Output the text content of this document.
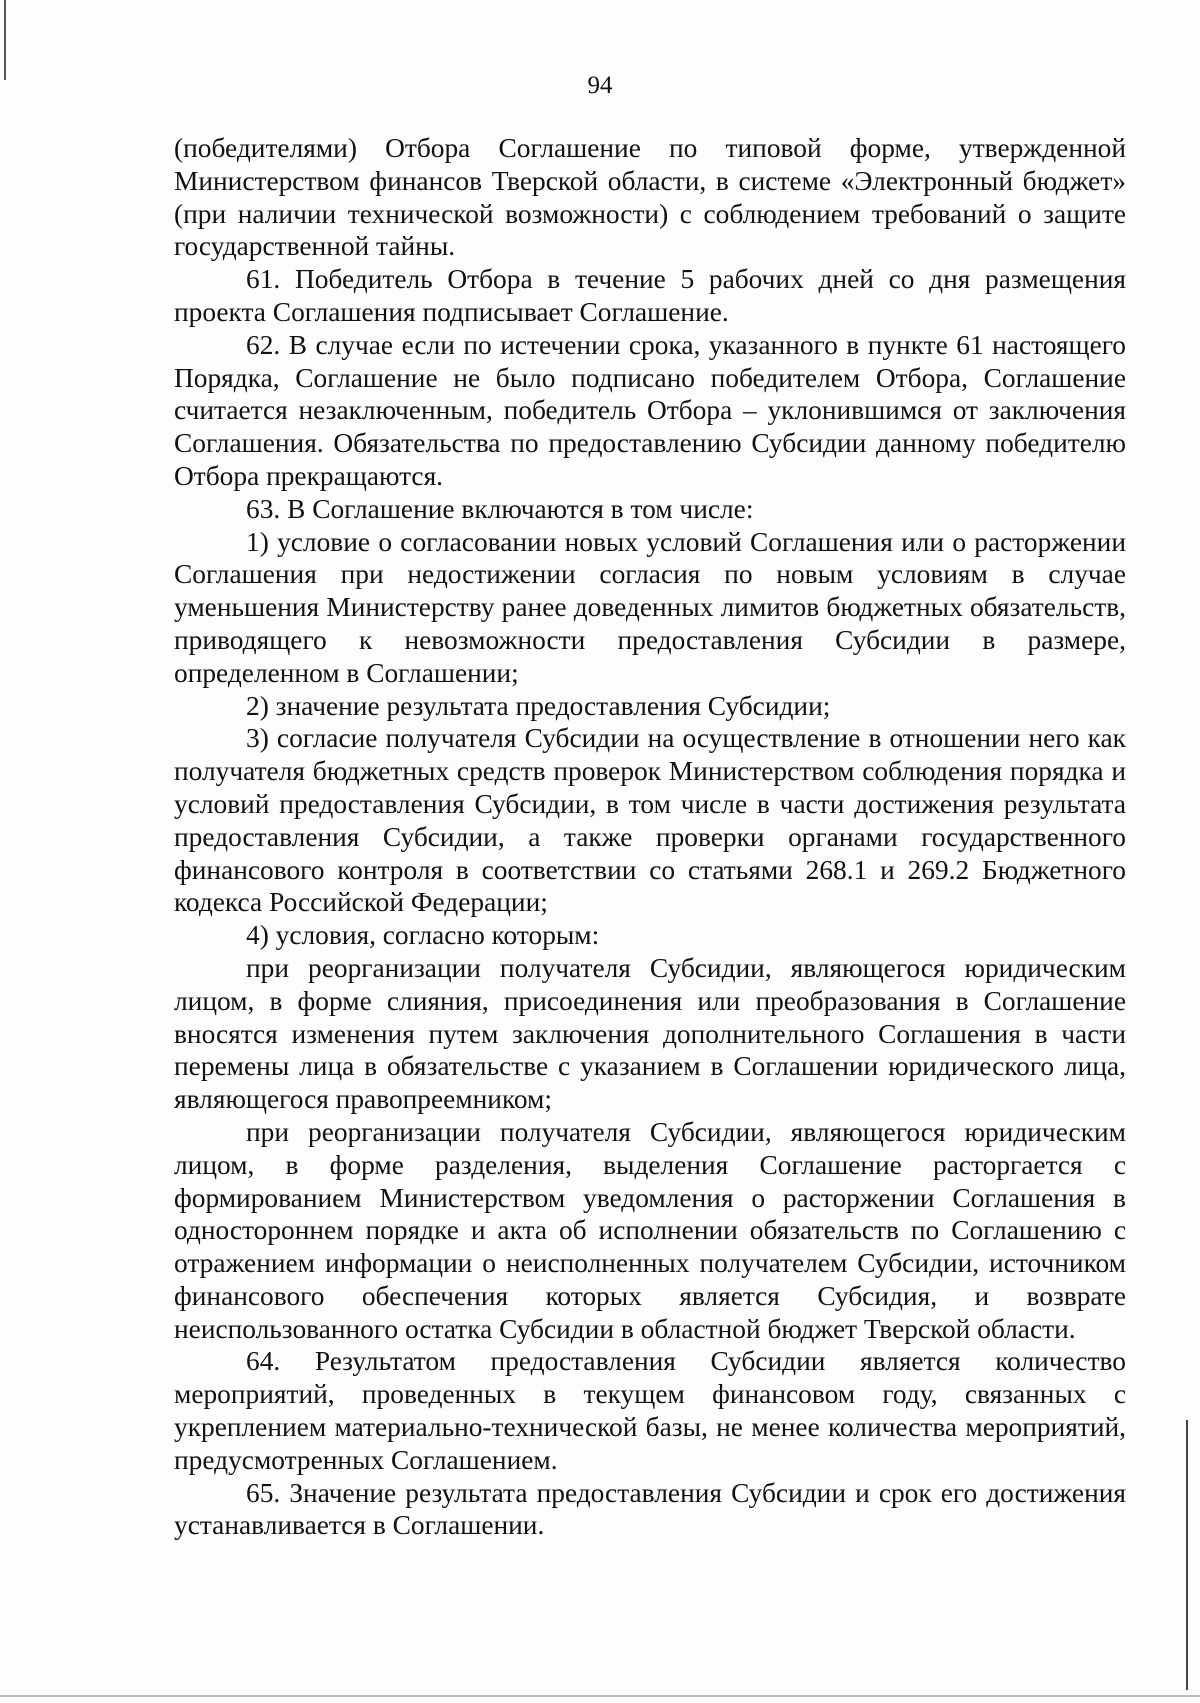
94

(победителями) Отбора Соглашение по типовой форме, утвержденной Министерством финансов Тверской области, в системе «Электронный бюджет» (при наличии технической возможности) с соблюдением требований о защите государственной тайны.

61. Победитель Отбора в течение 5 рабочих дней со дня размещения проекта Соглашения подписывает Соглашение.

62. В случае если по истечении срока, указанного в пункте 61 настоящего Порядка, Соглашение не было подписано победителем Отбора, Соглашение считается незаключенным, победитель Отбора – уклонившимся от заключения Соглашения. Обязательства по предоставлению Субсидии данному победителю Отбора прекращаются.

63. В Соглашение включаются в том числе:

1) условие о согласовании новых условий Соглашения или о расторжении Соглашения при недостижении согласия по новым условиям в случае уменьшения Министерству ранее доведенных лимитов бюджетных обязательств, приводящего к невозможности предоставления Субсидии в размере, определенном в Соглашении;

2) значение результата предоставления Субсидии;

3) согласие получателя Субсидии на осуществление в отношении него как получателя бюджетных средств проверок Министерством соблюдения порядка и условий предоставления Субсидии, в том числе в части достижения результата предоставления Субсидии, а также проверки органами государственного финансового контроля в соответствии со статьями 268.1 и 269.2 Бюджетного кодекса Российской Федерации;

4) условия, согласно которым:

при реорганизации получателя Субсидии, являющегося юридическим лицом, в форме слияния, присоединения или преобразования в Соглашение вносятся изменения путем заключения дополнительного Соглашения в части перемены лица в обязательстве с указанием в Соглашении юридического лица, являющегося правопреемником;

при реорганизации получателя Субсидии, являющегося юридическим лицом, в форме разделения, выделения Соглашение расторгается с формированием Министерством уведомления о расторжении Соглашения в одностороннем порядке и акта об исполнении обязательств по Соглашению с отражением информации о неисполненных получателем Субсидии, источником финансового обеспечения которых является Субсидия, и возврате неиспользованного остатка Субсидии в областной бюджет Тверской области.

64. Результатом предоставления Субсидии является количество мероприятий, проведенных в текущем финансовом году, связанных с укреплением материально-технической базы, не менее количества мероприятий, предусмотренных Соглашением.

65. Значение результата предоставления Субсидии и срок его достижения устанавливается в Соглашении.
